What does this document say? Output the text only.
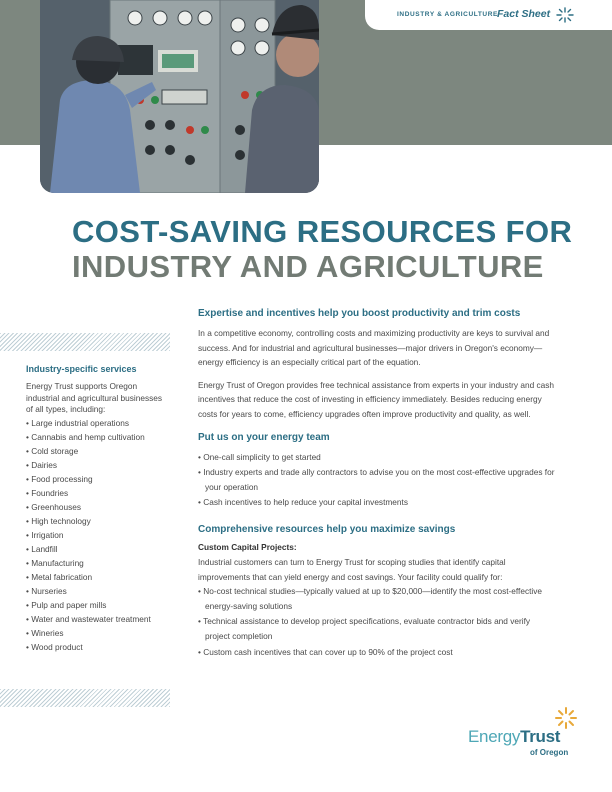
INDUSTRY & AGRICULTURE Fact Sheet
COST-SAVING RESOURCES FOR
INDUSTRY AND AGRICULTURE
Industry-specific services
Energy Trust supports Oregon industrial and agricultural businesses of all types, including:
• Large industrial operations
• Cannabis and hemp cultivation
• Cold storage
• Dairies
• Food processing
• Foundries
• Greenhouses
• High technology
• Irrigation
• Landfill
• Manufacturing
• Metal fabrication
• Nurseries
• Pulp and paper mills
• Water and wastewater treatment
• Wineries
• Wood product
Expertise and incentives help you boost productivity and trim costs

In a competitive economy, controlling costs and maximizing productivity are keys to survival and success. And for industrial and agricultural businesses—major drivers in Oregon's economy—energy efficiency is an especially critical part of the equation.

Energy Trust of Oregon provides free technical assistance from experts in your industry and cash incentives that reduce the cost of investing in efficiency immediately. Besides reducing energy costs for years to come, efficiency upgrades often improve productivity and quality, as well.

Put us on your energy team
• One-call simplicity to get started
• Industry experts and trade ally contractors to advise you on the most cost-effective upgrades for your operation
• Cash incentives to help reduce your capital investments
Comprehensive resources help you maximize savings
Custom Capital Projects:

Industrial customers can turn to Energy Trust for scoping studies that identify capital improvements that can yield energy and cost savings. Your facility could qualify for:

• No-cost technical studies—typically valued at up to $20,000—identify the most cost-effective energy-saving solutions
• Technical assistance to develop project specifications, evaluate contractor bids and verify project completion
• Custom cash incentives that can cover up to 90% of the project cost
EnergyTrust
of Oregon
